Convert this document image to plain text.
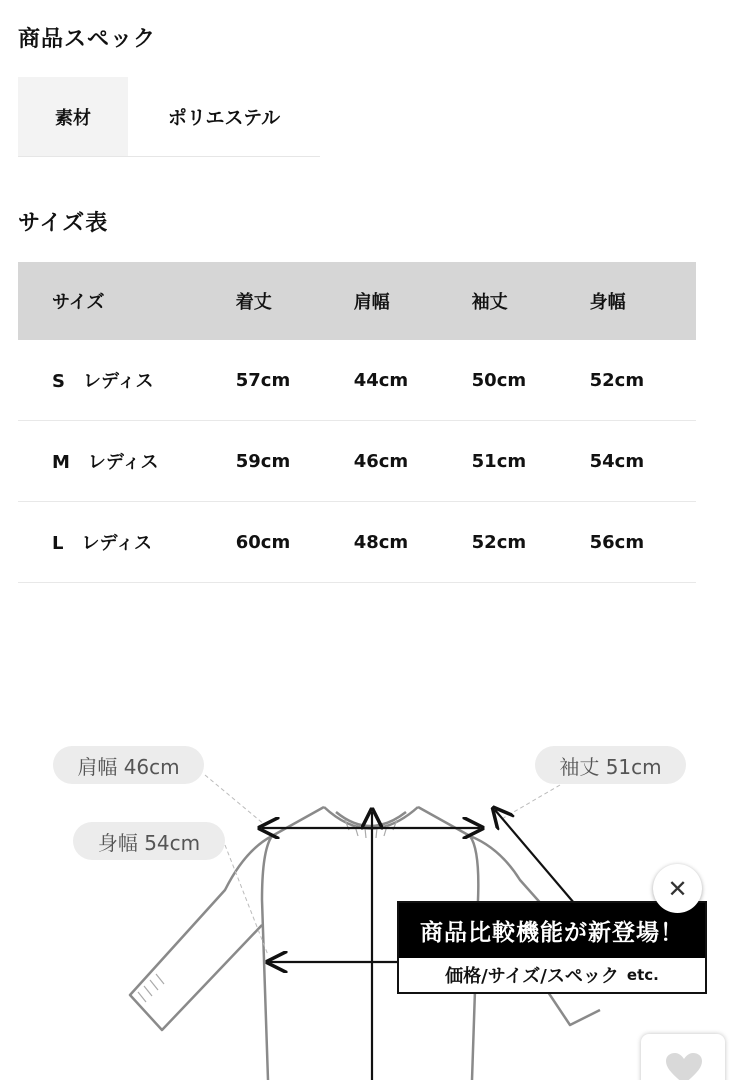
商品スペック
素材	ポリエステル
サイズ表
サイズ	着丈	肩幅	袖丈	身幅
S　レディス	57cm	44cm	50cm	52cm
M　レディス	59cm	46cm	51cm	54cm
L　レディス	60cm	48cm	52cm	56cm
肩幅 46cm	袖丈 51cm
身幅 54cm
商品比較機能が新登場！
価格/サイズ/スペック etc.
✕
